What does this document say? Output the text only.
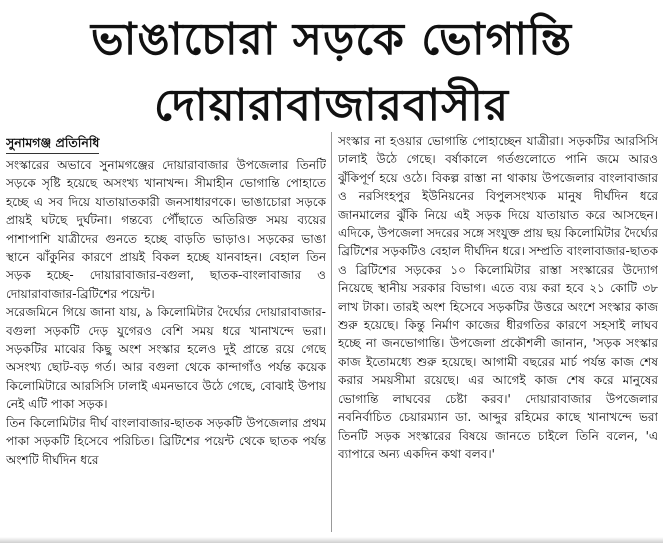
ভাঙাচোরা সড়কে ভোগান্তি
দোয়ারাবাজারবাসীর
সুনামগঞ্জ প্রতিনিধি

সংস্কারের অভাবে সুনামগঞ্জের দোয়ারাবাজার উপজেলার তিনটি সড়কে সৃষ্টি হয়েছে অসংখ্য খানাখন্দ। সীমাহীন ভোগান্তি পোহাতে হচ্ছে এ সব দিয়ে যাতায়াতকারী জনসাধারণকে। ভাঙাচোরা সড়কে প্রায়ই ঘটছে দুর্ঘটনা। গন্তব্যে পৌঁছাতে অতিরিক্ত সময় ব্যয়ের পাশাপাশি যাত্রীদের গুনতে হচ্ছে বাড়তি ভাড়াও। সড়কের ভাঙা স্থানে ঝাঁকুনির কারণে প্রায়ই বিকল হচ্ছে যানবাহন। বেহাল তিন সড়ক হচ্ছে- দোয়ারাবাজার-বগুলা, ছাতক-বাংলাবাজার ও দোয়ারাবাজার-ব্রিটিশের পয়েন্ট।

সরেজমিনে গিয়ে জানা যায়, ৯ কিলোমিটার দৈর্ঘ্যের দোয়ারাবাজার-বগুলা সড়কটি দেড় যুগেরও বেশি সময় ধরে খানাখন্দে ভরা। সড়কটির মাঝের কিছু অংশ সংস্কার হলেও দুই প্রান্তে রয়ে গেছে অসংখ্য ছোট-বড় গর্ত। আর বগুলা থেকে কান্দাগাঁও পর্যন্ত কয়েক কিলোমিটারে আরসিসি ঢালাই এমনভাবে উঠে গেছে, বোঝাই উপায় নেই এটি পাকা সড়ক।

তিন কিলোমিটার দীর্ঘ বাংলাবাজার-ছাতক সড়কটি উপজেলার প্রথম পাকা সড়কটি হিসেবে পরিচিত। ব্রিটিশের পয়েন্ট থেকে ছাতক পর্যন্ত অংশটি দীর্ঘদিন ধরে

সংস্কার না হওয়ার ভোগান্তি পোহাচ্ছেন যাত্রীরা। সড়কটির আরসিসি ঢালাই উঠে গেছে। বর্ষাকালে গর্তগুলোতে পানি জমে আরও ঝুঁকিপূর্ণ হয়ে ওঠে। বিকল্প রাস্তা না থাকায় উপজেলার বাংলাবাজার ও নরসিংহপুর ইউনিয়নের বিপুলসংখ্যক মানুষ দীর্ঘদিন ধরে জানমালের ঝুঁকি নিয়ে এই সড়ক দিয়ে যাতায়াত করে আসছেন। এদিকে, উপজেলা সদরের সঙ্গে সংযুক্ত প্রায় ছয় কিলোমিটার দৈর্ঘ্যের ব্রিটিশের সড়কটিও বেহাল দীর্ঘদিন ধরে। সম্প্রতি বাংলাবাজার-ছাতক ও ব্রিটিশের সড়কের ১০ কিলোমিটার রাস্তা সংস্কারের উদ্যোগ নিয়েছে স্থানীয় সরকার বিভাগ। এতে ব্যয় করা হবে ২১ কোটি ৩৮ লাখ টাকা। তারই অংশ হিসেবে সড়কটির উত্তরে অংশে সংস্কার কাজ শুরু হয়েছে। কিন্তু নির্মাণ কাজের ধীরগতির কারণে সহসাই লাঘব হচ্ছে না জনভোগান্তি। উপজেলা প্রকৌশলী জানান, 'সড়ক সংস্কার কাজ ইতোমধ্যে শুরু হয়েছে। আগামী বছরের মার্চ পর্যন্ত কাজ শেষ করার সময়সীমা রয়েছে। এর আগেই কাজ শেষ করে মানুষের ভোগান্তি লাঘবের চেষ্টা করব।' দোয়ারাবাজার উপজেলার নবনির্বাচিত চেয়ারম্যান ডা. আব্দুর রহিমের কাছে খানাখন্দে ভরা তিনটি সড়ক সংস্কারের বিষয়ে জানতে চাইলে তিনি বলেন, 'এ ব্যাপারে অন্য একদিন কথা বলব।'
